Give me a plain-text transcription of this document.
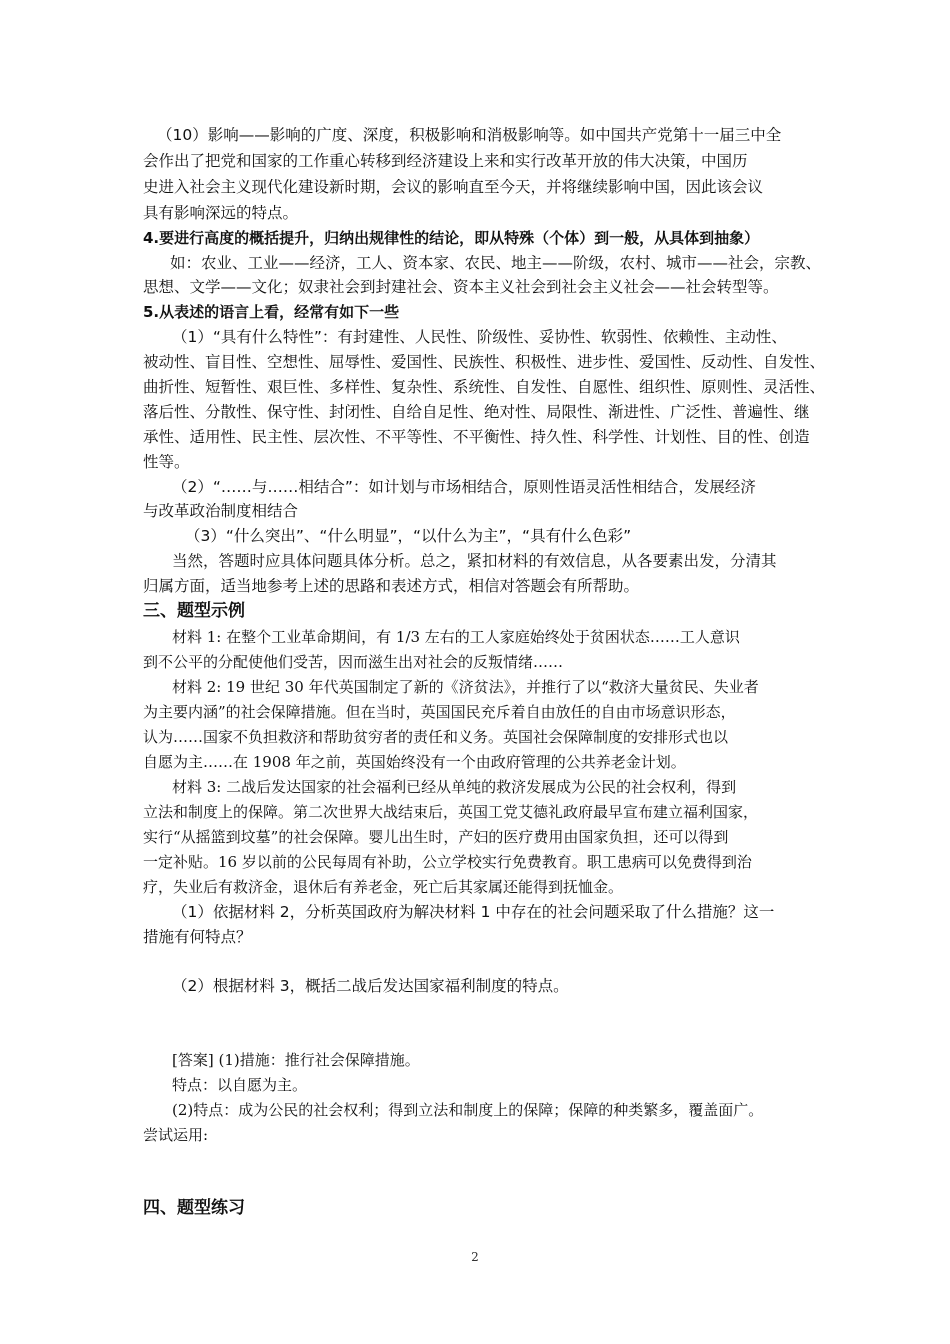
（10）影响——影响的广度、深度，积极影响和消极影响等。如中国共产党第十一届三中全
会作出了把党和国家的工作重心转移到经济建设上来和实行改革开放的伟大决策，中国历
史进入社会主义现代化建设新时期，会议的影响直至今天，并将继续影响中国，因此该会议
具有影响深远的特点。
4.要进行高度的概括提升，归纳出规律性的结论，即从特殊（个体）到一般，从具体到抽象）
如：农业、工业——经济，工人、资本家、农民、地主——阶级，农村、城市——社会，宗教、
思想、文学——文化；奴隶社会到封建社会、资本主义社会到社会主义社会——社会转型等。
5.从表述的语言上看，经常有如下一些
（1）“具有什么特性”：有封建性、人民性、阶级性、妥协性、软弱性、依赖性、主动性、
被动性、盲目性、空想性、屈辱性、爱国性、民族性、积极性、进步性、爱国性、反动性、自发性、
曲折性、短暂性、艰巨性、多样性、复杂性、系统性、自发性、自愿性、组织性、原则性、灵活性、
落后性、分散性、保守性、封闭性、自给自足性、绝对性、局限性、渐进性、广泛性、普遍性、继
承性、适用性、民主性、层次性、不平等性、不平衡性、持久性、科学性、计划性、目的性、创造
性等。
（2）“……与……相结合”：如计划与市场相结合，原则性语灵活性相结合，发展经济
与改革政治制度相结合
（3）“什么突出”、“什么明显”，“以什么为主”，“具有什么色彩”
当然，答题时应具体问题具体分析。总之，紧扣材料的有效信息，从各要素出发，分清其
归属方面，适当地参考上述的思路和表述方式，相信对答题会有所帮助。
三、题型示例
材料 1: 在整个工业革命期间，有 1/3 左右的工人家庭始终处于贫困状态……工人意识
到不公平的分配使他们受苦，因而滋生出对社会的反叛情绪……
材料 2: 19 世纪 30 年代英国制定了新的《济贫法》，并推行了以“救济大量贫民、失业者
为主要内涵”的社会保障措施。但在当时，英国国民充斥着自由放任的自由市场意识形态，
认为……国家不负担救济和帮助贫穷者的责任和义务。英国社会保障制度的安排形式也以
自愿为主……在 1908 年之前，英国始终没有一个由政府管理的公共养老金计划。
材料 3: 二战后发达国家的社会福利已经从单纯的救济发展成为公民的社会权利，得到
立法和制度上的保障。第二次世界大战结束后，英国工党艾德礼政府最早宣布建立福利国家，
实行“从摇篮到坟墓”的社会保障。婴儿出生时，产妇的医疗费用由国家负担，还可以得到
一定补贴。16 岁以前的公民每周有补助，公立学校实行免费教育。职工患病可以免费得到治
疗，失业后有救济金，退休后有养老金，死亡后其家属还能得到抚恤金。
（1）依据材料 2，分析英国政府为解决材料 1 中存在的社会问题采取了什么措施？这一
措施有何特点？
（2）根据材料 3，概括二战后发达国家福利制度的特点。
[答案] (1)措施：推行社会保障措施。
特点：以自愿为主。
(2)特点：成为公民的社会权利；得到立法和制度上的保障；保障的种类繁多，覆盖面广。
尝试运用:
四、题型练习
2
